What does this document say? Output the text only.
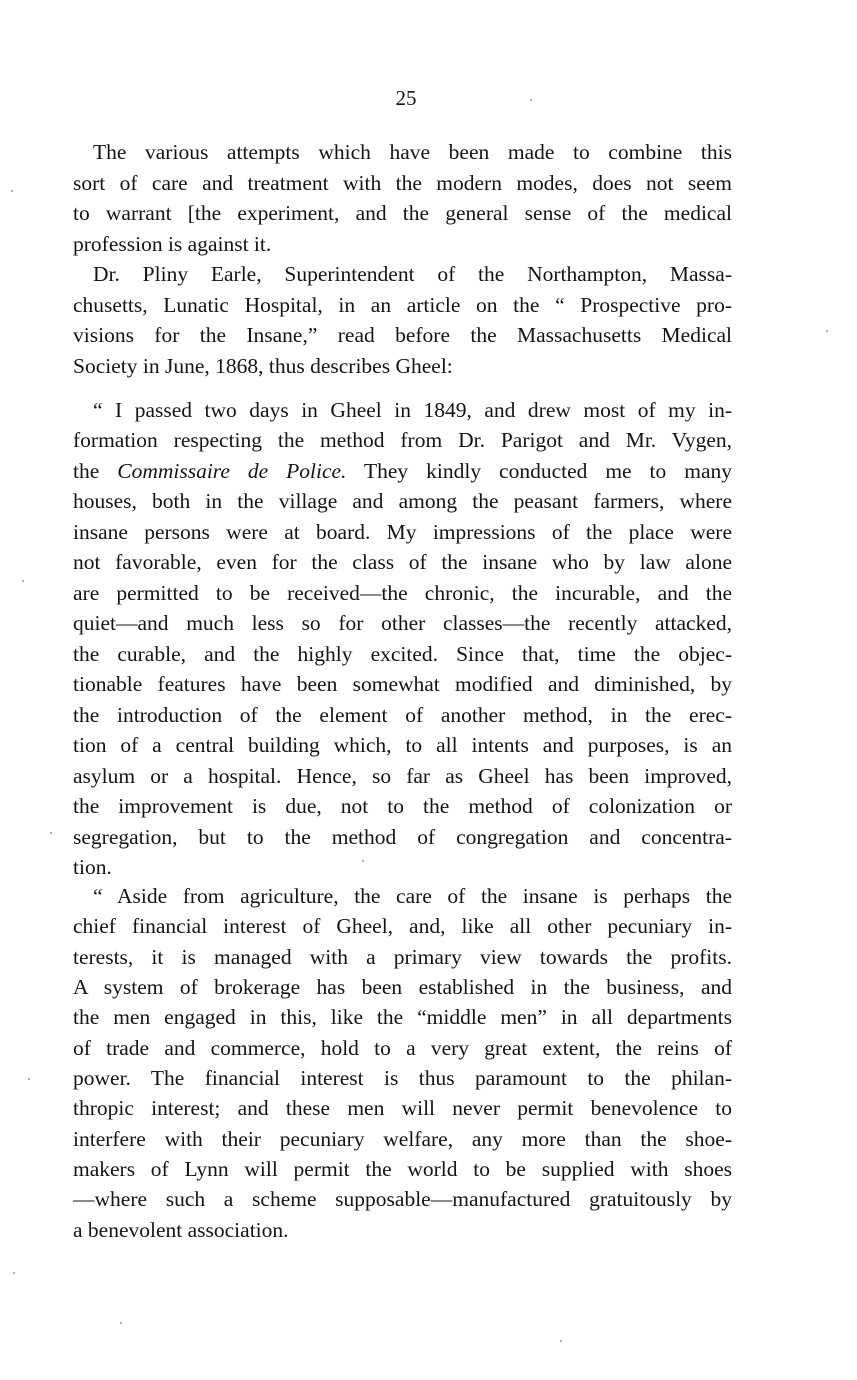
25
The various attempts which have been made to combine this
sort of care and treatment with the modern modes, does not seem
to warrant [the experiment, and the general sense of the medical
profession is against it.
Dr. Pliny Earle, Superintendent of the Northampton, Massa-
chusetts, Lunatic Hospital, in an article on the “ Prospective pro-
visions for the Insane,” read before the Massachusetts Medical
Society in June, 1868, thus describes Gheel:
“ I passed two days in Gheel in 1849, and drew most of my in-
formation respecting the method from Dr. Parigot and Mr. Vygen,
the Commissaire de Police. They kindly conducted me to many
houses, both in the village and among the peasant farmers, where
insane persons were at board. My impressions of the place were
not favorable, even for the class of the insane who by law alone
are permitted to be received—the chronic, the incurable, and the
quiet—and much less so for other classes—the recently attacked,
the curable, and the highly excited. Since that, time the objec-
tionable features have been somewhat modified and diminished, by
the introduction of the element of another method, in the erec-
tion of a central building which, to all intents and purposes, is an
asylum or a hospital. Hence, so far as Gheel has been improved,
the improvement is due, not to the method of colonization or
segregation, but to the method of congregation and concentra-
tion.
“ Aside from agriculture, the care of the insane is perhaps the
chief financial interest of Gheel, and, like all other pecuniary in-
terests, it is managed with a primary view towards the profits.
A system of brokerage has been established in the business, and
the men engaged in this, like the “middle men” in all departments
of trade and commerce, hold to a very great extent, the reins of
power. The financial interest is thus paramount to the philan-
thropic interest; and these men will never permit benevolence to
interfere with their pecuniary welfare, any more than the shoe-
makers of Lynn will permit the world to be supplied with shoes
—where such a scheme supposable—manufactured gratuitously by
a benevolent association.
